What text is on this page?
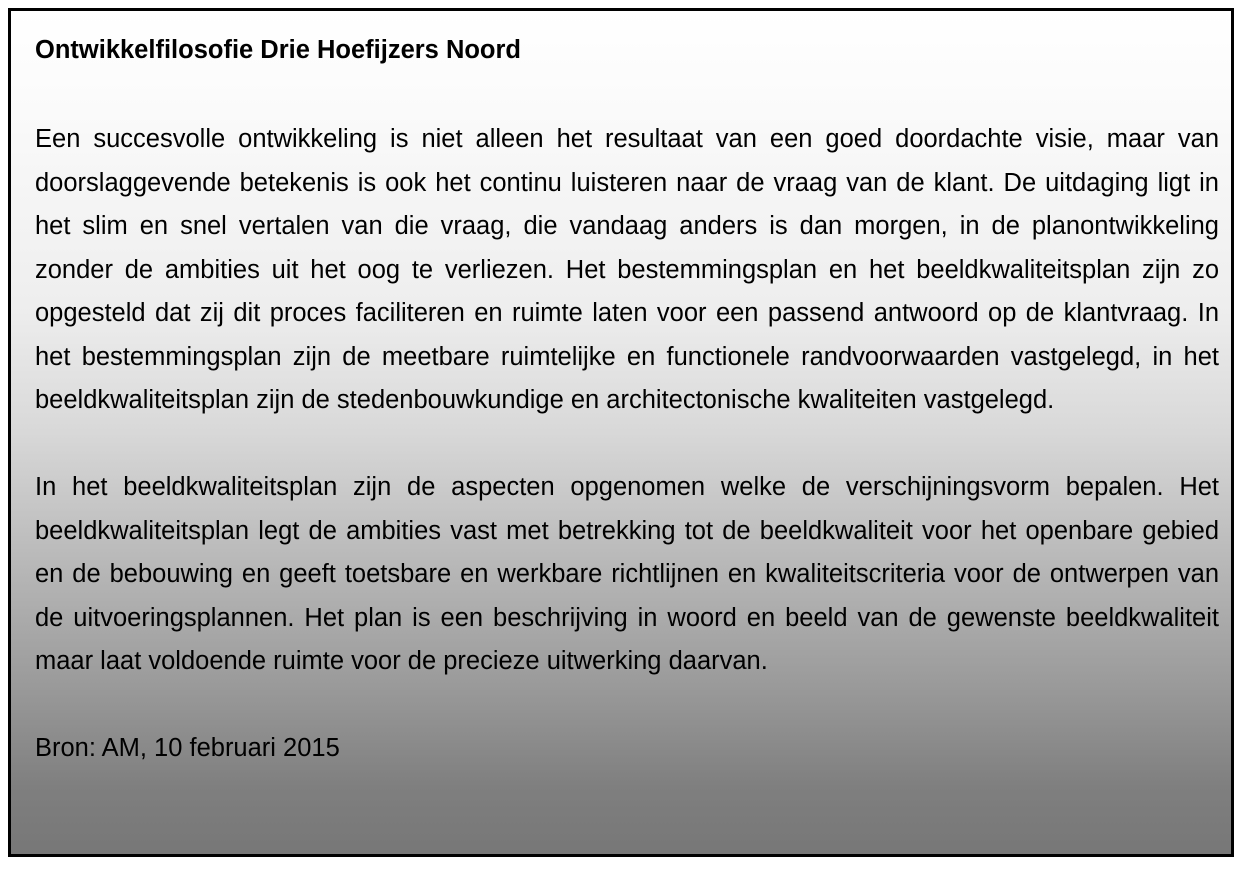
Ontwikkelfilosofie Drie Hoefijzers Noord

Een succesvolle ontwikkeling is niet alleen het resultaat van een goed doordachte visie, maar van doorslaggevende betekenis is ook het continu luisteren naar de vraag van de klant. De uitdaging ligt in het slim en snel vertalen van die vraag, die vandaag anders is dan morgen, in de planontwikkeling zonder de ambities uit het oog te verliezen. Het bestemmingsplan en het beeldkwaliteitsplan zijn zo opgesteld dat zij dit proces faciliteren en ruimte laten voor een passend antwoord op de klantvraag. In het bestemmingsplan zijn de meetbare ruimtelijke en functionele randvoorwaarden vastgelegd, in het beeldkwaliteitsplan zijn de stedenbouwkundige en architectonische kwaliteiten vastgelegd.

In het beeldkwaliteitsplan zijn de aspecten opgenomen welke de verschijningsvorm bepalen. Het beeldkwaliteitsplan legt de ambities vast met betrekking tot de beeldkwaliteit voor het openbare gebied en de bebouwing en geeft toetsbare en werkbare richtlijnen en kwaliteitscriteria voor de ontwerpen van de uitvoeringsplannen. Het plan is een beschrijving in woord en beeld van de gewenste beeldkwaliteit maar laat voldoende ruimte voor de precieze uitwerking daarvan.

Bron: AM, 10 februari 2015
